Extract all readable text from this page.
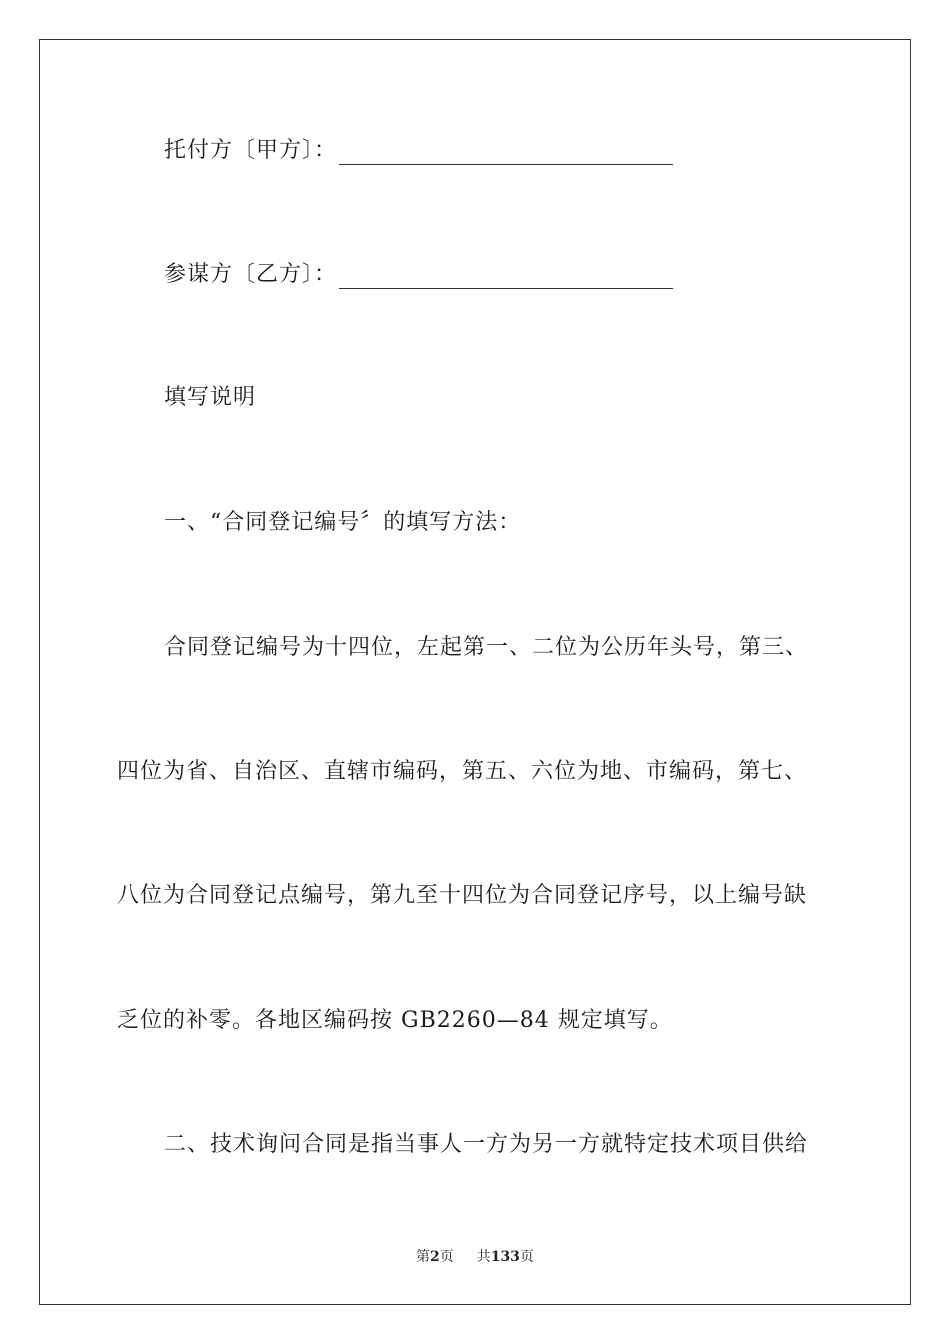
托付方〔甲方〕：
参谋方〔乙方〕：
填写说明
一、“合同登记编号〞的填写方法：
合同登记编号为十四位，左起第一、二位为公历年头号，第三、
四位为省、自治区、直辖市编码，第五、六位为地、市编码，第七、
八位为合同登记点编号，第九至十四位为合同登记序号，以上编号缺
乏位的补零。各地区编码按 GB2260—84 规定填写。
二、技术询问合同是指当事人一方为另一方就特定技术项目供给
第2页 共133页
